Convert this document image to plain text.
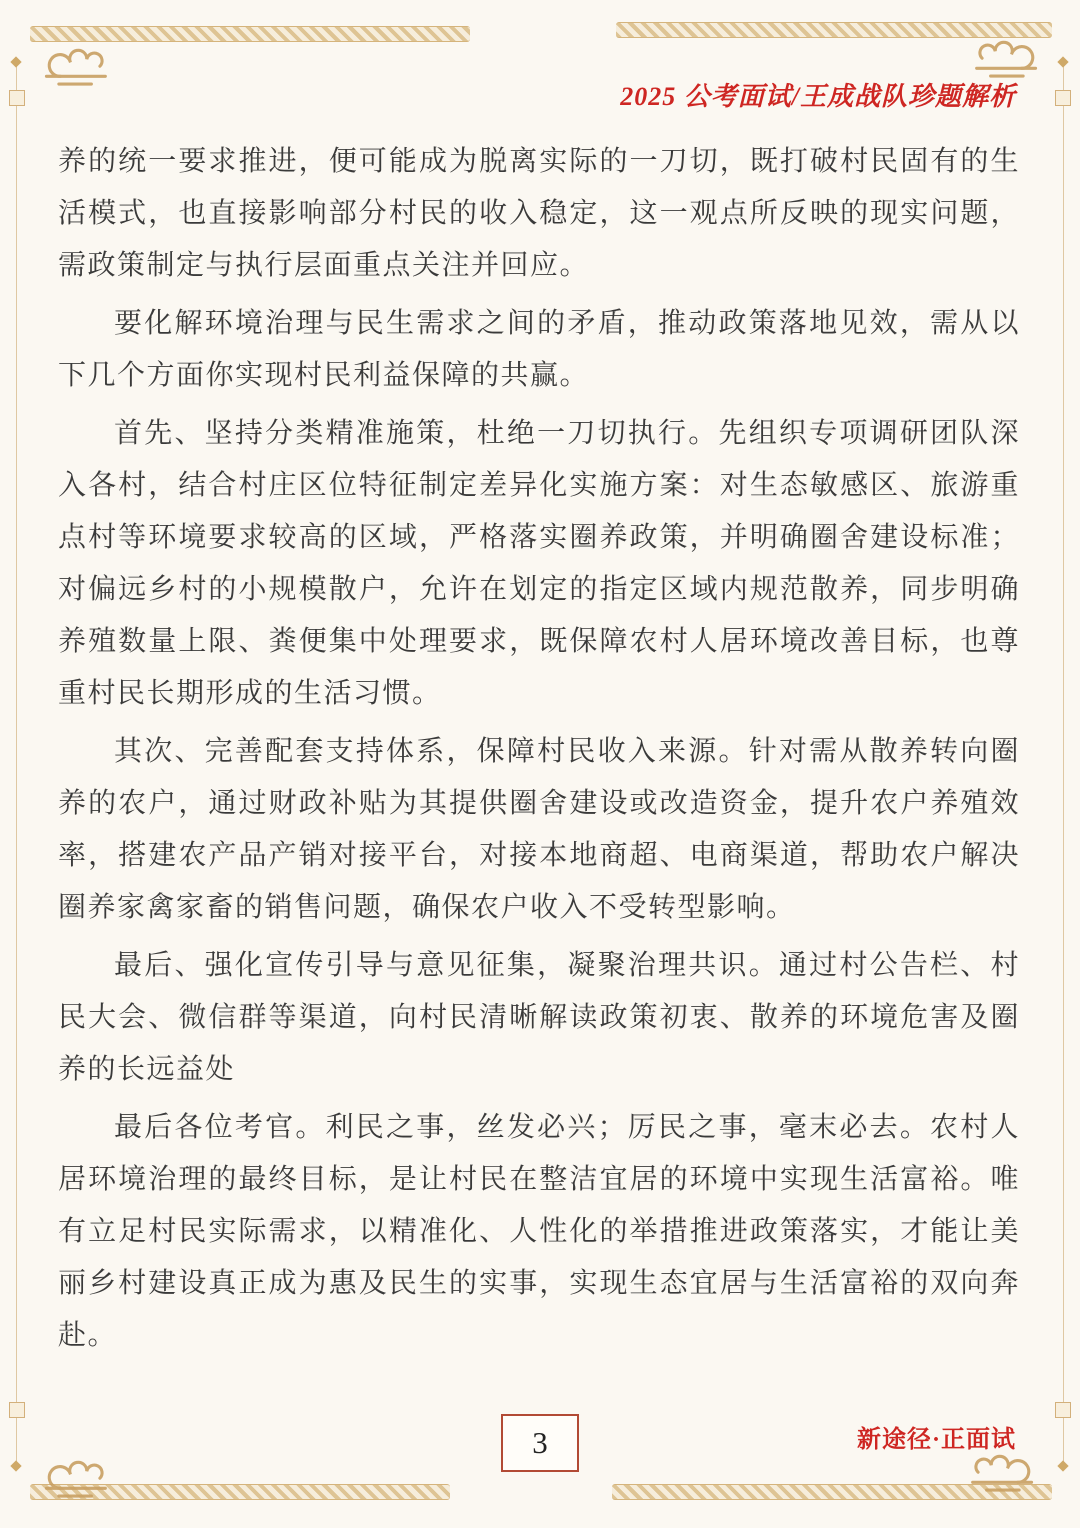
2025 公考面试/王成战队珍题解析

养的统一要求推进，便可能成为脱离实际的一刀切，既打破村民固有的生活模式，也直接影响部分村民的收入稳定，这一观点所反映的现实问题，需政策制定与执行层面重点关注并回应。

要化解环境治理与民生需求之间的矛盾，推动政策落地见效，需从以下几个方面你实现村民利益保障的共赢。

首先、坚持分类精准施策，杜绝一刀切执行。先组织专项调研团队深入各村，结合村庄区位特征制定差异化实施方案：对生态敏感区、旅游重点村等环境要求较高的区域，严格落实圈养政策，并明确圈舍建设标准；对偏远乡村的小规模散户，允许在划定的指定区域内规范散养，同步明确养殖数量上限、粪便集中处理要求，既保障农村人居环境改善目标，也尊重村民长期形成的生活习惯。

其次、完善配套支持体系，保障村民收入来源。针对需从散养转向圈养的农户，通过财政补贴为其提供圈舍建设或改造资金，提升农户养殖效率，搭建农产品产销对接平台，对接本地商超、电商渠道，帮助农户解决圈养家禽家畜的销售问题，确保农户收入不受转型影响。

最后、强化宣传引导与意见征集，凝聚治理共识。通过村公告栏、村民大会、微信群等渠道，向村民清晰解读政策初衷、散养的环境危害及圈养的长远益处

最后各位考官。利民之事，丝发必兴；厉民之事，毫末必去。农村人居环境治理的最终目标，是让村民在整洁宜居的环境中实现生活富裕。唯有立足村民实际需求，以精准化、人性化的举措推进政策落实，才能让美丽乡村建设真正成为惠及民生的实事，实现生态宜居与生活富裕的双向奔赴。

3	新途径·正面试
